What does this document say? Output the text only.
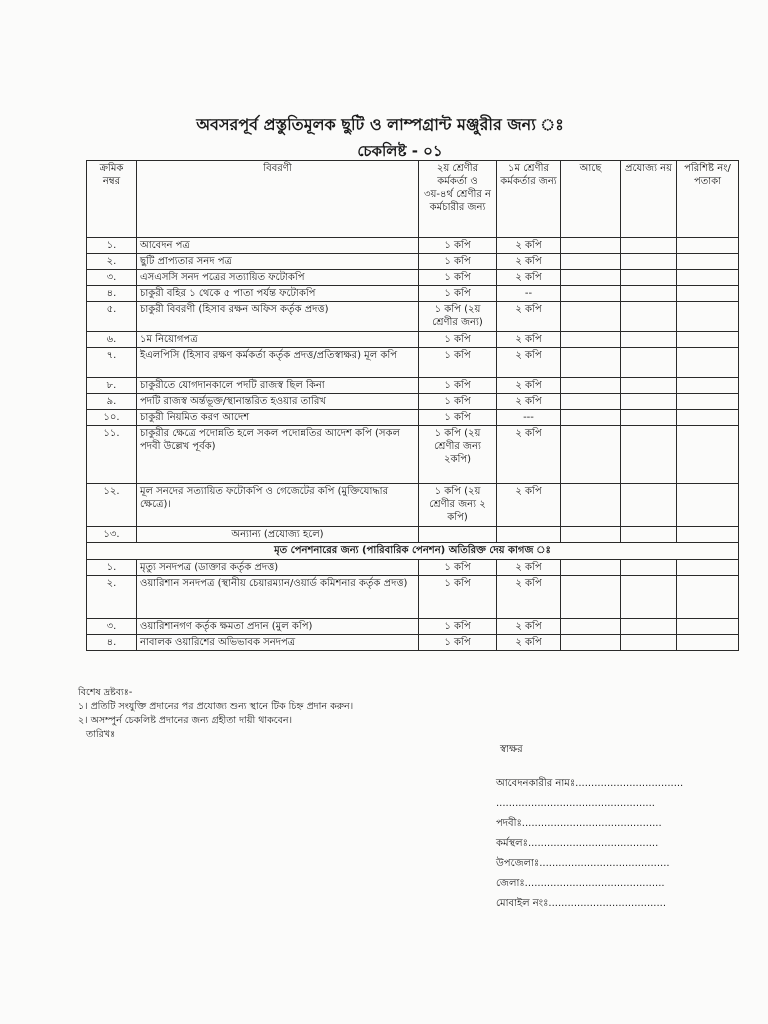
অবসরপূর্ব প্রস্তুতিমূলক ছুটি ও লাম্পগ্রান্ট মঞ্জুরীর জন্য ঃ
চেকলিষ্ট - ০১
ক্রমিক নম্বর	বিবরণী	২য় শ্রেণীর কর্মকর্তা ও ৩য়-৪র্থ শ্রেণীর ন কর্মচারীর জন্য	১ম শ্রেণীর কর্মকর্তার জন্য	আছে	প্রযোজ্য নয়	পরিশিষ্ট নং/ পতাকা
১.	আবেদন পত্র	১ কপি	২ কপি			
২.	ছুটি প্রাপ্যতার সনদ পত্র	১ কপি	২ কপি			
৩.	এসএসসি সনদ পত্রের সত্যায়িত ফটোকপি	১ কপি	২ কপি			
৪.	চাকুরী বহির ১ থেকে ৫ পাতা পর্যন্ত ফটোকপি	১ কপি	--			
৫.	চাকুরী বিবরণী (হিসাব রক্ষন অফিস কর্তৃক প্রদত্ত)	১ কপি (২য় শ্রেণীর জন্য)	২ কপি			
৬.	১ম নিয়োগপত্র	১ কপি	২ কপি			
৭.	ইএলপিসি (হিসাব রক্ষণ কর্মকর্তা কর্তৃক প্রদত্ত/প্রতিস্বাক্ষর) মূল কপি	১ কপি	২ কপি			
৮.	চাকুরীতে যোগদানকালে পদটি রাজস্ব ছিল কিনা	১ কপি	২ কপি			
৯.	পদটি রাজস্ব অর্ন্তভূক্ত/স্থানান্তরিত হওয়ার তারিখ	১ কপি	২ কপি			
১০.	চাকুরী নিয়মিত করণ আদেশ	১ কপি	---			
১১.	চাকুরীর ক্ষেত্রে পদোন্নতি হলে সকল পদোন্নতির আদেশ কপি (সকল পদবী উল্লেখ পূর্বক)	১ কপি (২য় শ্রেণীর জন্য ২কপি)	২ কপি			
১২.	মূল সনদের সত্যায়িত ফটোকপি ও গেজেটের কপি (মুক্তিযোদ্ধার ক্ষেত্রে)।	১ কপি (২য় শ্রেণীর জন্য ২ কপি)	২ কপি			
১৩.	অন্যান্য (প্রযোজ্য হলে)					
মৃত পেনশনারের জন্য (পারিবারিক পেনশন) অতিরিক্ত দেয় কাগজ ঃ						
১.	মৃত্যু সনদপত্র (ডাক্তার কর্তৃক প্রদত্ত)	১ কপি	২ কপি			
২.	ওয়ারিশান সনদপত্র (স্থানীয় চেয়ারম্যান/ওয়ার্ড কমিশনার কর্তৃক প্রদত্ত)	১ কপি	২ কপি			
৩.	ওয়ারিশানগণ কর্তৃক ক্ষমতা প্রদান (মুল কপি)	১ কপি	২ কপি			
৪.	নাবালক ওয়ারিশের অভিভাবক সনদপত্র	১ কপি	২ কপি			
বিশেষ দ্রষ্টব্যঃ-
১। প্রতিটি সংযুক্তি প্রদানের পর প্রযোজ্য শুন্য স্থানে টিক চিহ্ন প্রদান করুন।
২। অসম্পুর্ন চেকলিষ্ট প্রদানের জন্য গ্রহীতা দায়ী থাকবেন।
তারিখঃ
স্বাক্ষর
আবেদনকারীর নামঃ..................................
..................................................
পদবীঃ............................................
কর্মস্থলঃ.........................................
উপজেলাঃ.........................................
জেলাঃ............................................
মোবাইল নংঃ.....................................
